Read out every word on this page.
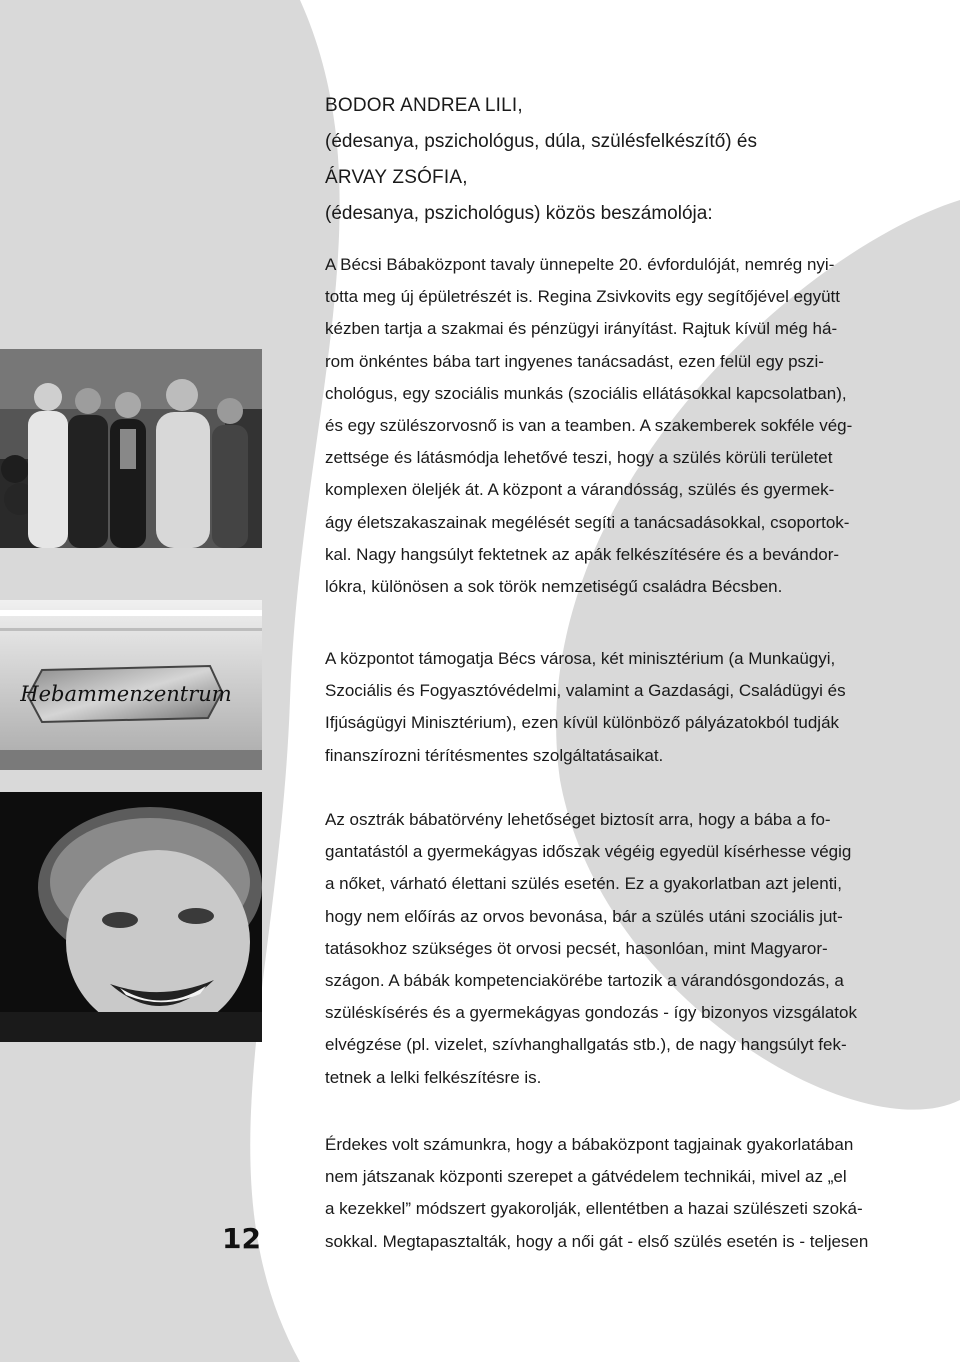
BODOR ANDREA LILI,
(édesanya, pszichológus, dúla, szülésfelkészítő) és
ÁRVAY ZSÓFIA,
(édesanya, pszichológus) közös beszámolója:
A Bécsi Bábaközpont tavaly ünnepelte 20. évfordulóját, nemrég nyi-
totta meg új épületrészét is. Regina Zsivkovits egy segítőjével együtt
kézben tartja a szakmai és pénzügyi irányítást. Rajtuk kívül még há-
rom önkéntes bába tart ingyenes tanácsadást, ezen felül egy pszi-
chológus, egy szociális munkás (szociális ellátásokkal kapcsolatban),
és egy szülészorvosnő is van a teamben. A szakemberek sokféle vég-
zettsége és látásmódja lehetővé teszi, hogy a szülés körüli területet
komplexen öleljék át. A központ a várandósság, szülés és gyermek-
ágy életszakaszainak megélését segíti a tanácsadásokkal, csoportok-
kal. Nagy hangsúlyt fektetnek az apák felkészítésére és a bevándor-
lókra, különösen a sok török nemzetiségű családra Bécsben.
A központot támogatja Bécs városa, két minisztérium (a Munkaügyi,
Szociális és Fogyasztóvédelmi, valamint a Gazdasági, Családügyi és
Ifjúságügyi Minisztérium), ezen kívül különböző pályázatokból tudják
finanszírozni térítésmentes szolgáltatásaikat.
Az osztrák bábatörvény lehetőséget biztosít arra, hogy a bába a fo-
gantatástól a gyermekágyas időszak végéig egyedül kísérhesse végig
a nőket, várható élettani szülés esetén. Ez a gyakorlatban azt jelenti,
hogy nem előírás az orvos bevonása, bár a szülés utáni szociális jut-
tatásokhoz szükséges öt orvosi pecsét, hasonlóan, mint Magyaror-
szágon. A bábák kompetenciakörébe tartozik a várandósgondozás, a
szüléskísérés és a gyermekágyas gondozás - így bizonyos vizsgálatok
elvégzése (pl. vizelet, szívhanghallgatás stb.), de nagy hangsúlyt fek-
tetnek a lelki felkészítésre is.
Érdekes volt számunkra, hogy a bábaközpont tagjainak gyakorlatában
nem játszanak központi szerepet a gátvédelem technikái, mivel az „el
a kezekkel” módszert gyakorolják, ellentétben a hazai szülészeti szoká-
sokkal. Megtapasztalták, hogy a női gát - első szülés esetén is - teljesen
Hebammenzentrum
12
